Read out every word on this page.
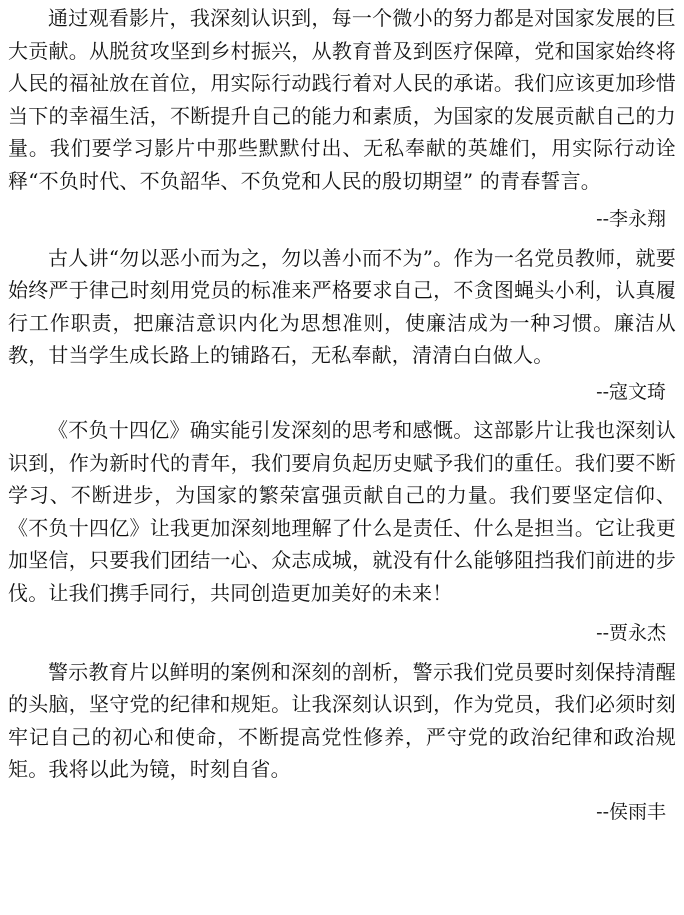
通过观看影片，我深刻认识到，每一个微小的努力都是对国家发展的巨大贡献。从脱贫攻坚到乡村振兴，从教育普及到医疗保障，党和国家始终将人民的福祉放在首位，用实际行动践行着对人民的承诺。我们应该更加珍惜当下的幸福生活，不断提升自己的能力和素质，为国家的发展贡献自己的力量。我们要学习影片中那些默默付出、无私奉献的英雄们，用实际行动诠释“不负时代、不负韶华、不负党和人民的殷切期望” 的青春誓言。

--李永翔

古人讲“勿以恶小而为之，勿以善小而不为”。作为一名党员教师，就要始终严于律己时刻用党员的标准来严格要求自己，不贪图蝇头小利，认真履行工作职责，把廉洁意识内化为思想准则，使廉洁成为一种习惯。廉洁从教，甘当学生成长路上的铺路石，无私奉献，清清白白做人。

--寇文琦

《不负十四亿》确实能引发深刻的思考和感慨。这部影片让我也深刻认识到，作为新时代的青年，我们要肩负起历史赋予我们的重任。我们要不断学习、不断进步，为国家的繁荣富强贡献自己的力量。我们要坚定信仰、《不负十四亿》让我更加深刻地理解了什么是责任、什么是担当。它让我更加坚信，只要我们团结一心、众志成城，就没有什么能够阻挡我们前进的步伐。让我们携手同行，共同创造更加美好的未来！

--贾永杰

警示教育片以鲜明的案例和深刻的剖析，警示我们党员要时刻保持清醒的头脑，坚守党的纪律和规矩。让我深刻认识到，作为党员，我们必须时刻牢记自己的初心和使命，不断提高党性修养，严守党的政治纪律和政治规矩。我将以此为镜，时刻自省。

--侯雨丰
